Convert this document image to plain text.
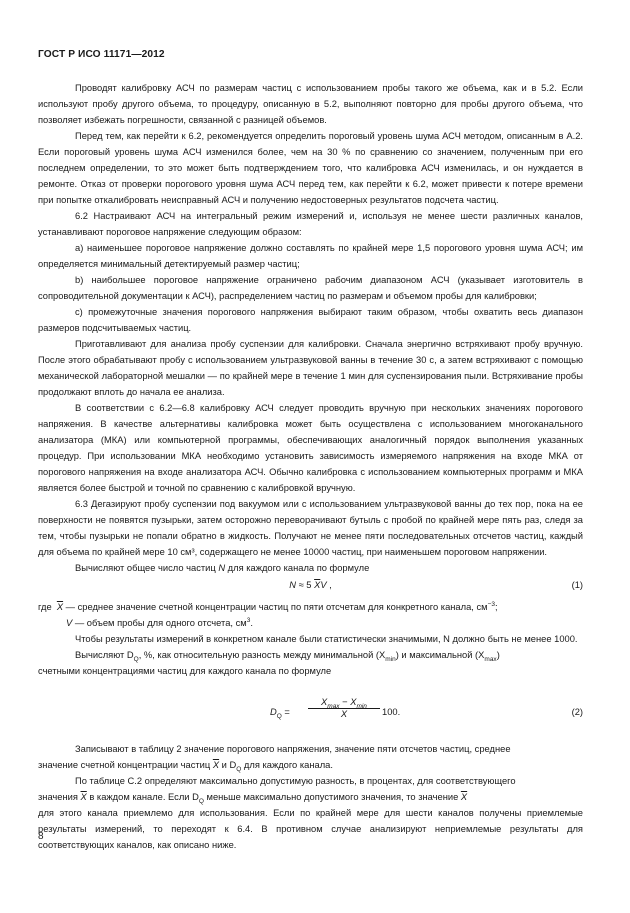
ГОСТ Р ИСО 11171—2012

Проводят калибровку АСЧ по размерам частиц с использованием пробы такого же объема, как и в 5.2. Если используют пробу другого объема, то процедуру, описанную в 5.2, выполняют повторно для пробы другого объема, что позволяет избежать погрешности, связанной с разницей объемов.

Перед тем, как перейти к 6.2, рекомендуется определить пороговый уровень шума АСЧ методом, описанным в А.2. Если пороговый уровень шума АСЧ изменился более, чем на 30 % по сравнению со значением, полученным при его последнем определении, то это может быть подтверждением того, что калибровка АСЧ изменилась, и он нуждается в ремонте. Отказ от проверки порогового уровня шума АСЧ перед тем, как перейти к 6.2, может привести к потере времени при попытке откалибровать неисправный АСЧ и получению недостоверных результатов подсчета частиц.

6.2 Настраивают АСЧ на интегральный режим измерений и, используя не менее шести различных каналов, устанавливают пороговое напряжение следующим образом:

а) наименьшее пороговое напряжение должно составлять по крайней мере 1,5 порогового уровня шума АСЧ; им определяется минимальный детектируемый размер частиц;

b) наибольшее пороговое напряжение ограничено рабочим диапазоном АСЧ (указывает изготовитель в сопроводительной документации к АСЧ), распределением частиц по размерам и объемом пробы для калибровки;

с) промежуточные значения порогового напряжения выбирают таким образом, чтобы охватить весь диапазон размеров подсчитываемых частиц.

Приготавливают для анализа пробу суспензии для калибровки. Сначала энергично встряхивают пробу вручную. После этого обрабатывают пробу с использованием ультразвуковой ванны в течение 30 с, а затем встряхивают с помощью механической лабораторной мешалки — по крайней мере в течение 1 мин для суспензирования пыли. Встряхивание пробы продолжают вплоть до начала ее анализа.

В соответствии с 6.2—6.8 калибровку АСЧ следует проводить вручную при нескольких значениях порогового напряжения. В качестве альтернативы калибровка может быть осуществлена с использованием многоканального анализатора (МКА) или компьютерной программы, обеспечивающих аналогичный порядок выполнения указанных процедур. При использовании МКА необходимо установить зависимость измеряемого напряжения на входе МКА от порогового напряжения на входе анализатора АСЧ. Обычно калибровка с использованием компьютерных программ и МКА является более быстрой и точной по сравнению с калибровкой вручную.

6.3 Дегазируют пробу суспензии под вакуумом или с использованием ультразвуковой ванны до тех пор, пока на ее поверхности не появятся пузырьки, затем осторожно переворачивают бутыль с пробой по крайней мере пять раз, следя за тем, чтобы пузырьки не попали обратно в жидкость. Получают не менее пяти последовательных отсчетов частиц, каждый для объема по крайней мере 10 см³, содержащего не менее 10000 частиц, при наименьшем пороговом напряжении.

Вычисляют общее число частиц N для каждого канала по формуле

N ≈ 5 $\overline{X}V$ ,	(1)

где $\overline{X}$ — среднее значение счетной концентрации частиц по пяти отсчетам для конкретного канала, $см^{-3}$;

V — объем пробы для одного отсчета, $см^3$.

Чтобы результаты измерений в конкретном канале были статистически значимыми, N должно быть не менее 1000.

Вычисляют $D_Q$, %, как относительную разность между минимальной $(X_{min})$ и максимальной $(X_{max})$
счетными концентрациями частиц для каждого канала по формуле

$D_Q$ =
$X_{max} - X_{min}$
$\overline{X}$	100.	(2)

Записывают в таблицу 2 значение порогового напряжения, значение пяти отсчетов частиц, среднее
значение счетной концентрации частиц $\overline{X}$ и $D_Q$ для каждого канала.

По таблице С.2 определяют максимально допустимую разность, в процентах, для соответствующего
значения $\overline{X}$ в каждом канале. Если $D_Q$ меньше максимально допустимого значения, то значение $\overline{X}$
для этого канала приемлемо для использования. Если по крайней мере для шести каналов получены приемлемые результаты измерений, то переходят к 6.4. В противном случае анализируют неприемлемые результаты для соответствующих каналов, как описано ниже.

8
